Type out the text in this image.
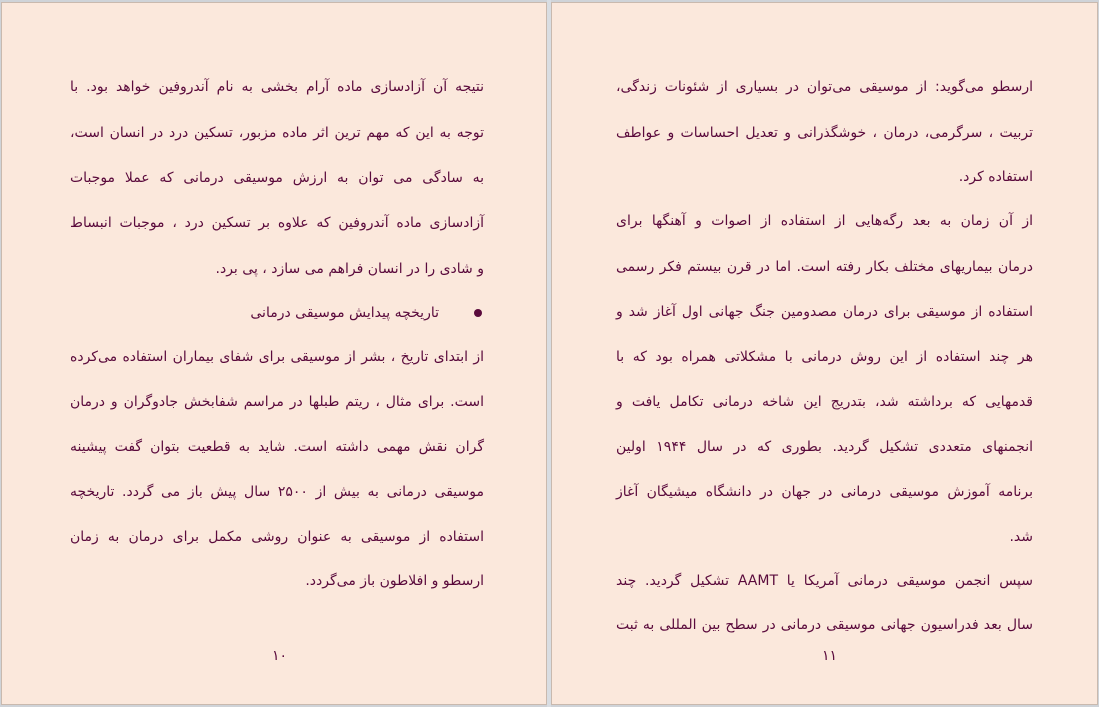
نتیجه آن آزادسازی ماده آرام بخشی به نام آندروفین خواهد بود. با
توجه به این که مهم ترین اثر ماده مزبور، تسکین درد در انسان است،
به سادگی می توان به ارزش موسیقی درمانی که عملا موجبات
آزادسازی ماده آندروفین که علاوه بر تسکین درد ، موجبات انبساط
و شادی را در انسان فراهم می سازد ، پی برد.
تاریخچه پیدایش موسیقی درمانی
از ابتدای تاریخ ، بشر از موسیقی برای شفای بیماران استفاده می‌کرده
است. برای مثال ، ریتم طبلها در مراسم شفابخش جادوگران و درمان
گران نقش مهمی داشته است. شاید به قطعیت بتوان گفت پیشینه
موسیقی درمانی به بیش از ۲۵۰۰ سال پیش باز می گردد. تاریخچه
استفاده از موسیقی به عنوان روشی مکمل برای درمان به زمان
ارسطو و افلاطون باز می‌گردد.
۱۰
ارسطو می‌گوید: از موسیقی می‌توان در بسیاری از شئونات زندگی،
تربیت ، سرگرمی، درمان ، خوشگذرانی و تعدیل احساسات و عواطف
استفاده کرد.
از آن زمان به بعد رگه‌هایی از استفاده از اصوات و آهنگها برای
درمان بیماریهای مختلف بکار رفته است. اما در قرن بیستم فکر رسمی
استفاده از موسیقی برای درمان مصدومین جنگ جهانی اول آغاز شد و
هر چند استفاده از این روش درمانی با مشکلاتی همراه بود که با
قدمهایی که برداشته شد، بتدریج این شاخه درمانی تکامل یافت و
انجمنهای متعددی تشکیل گردید. بطوری که در سال ۱۹۴۴ اولین
برنامه آموزش موسیقی درمانی در جهان در دانشگاه میشیگان آغاز
شد.
سپس انجمن موسیقی درمانی آمریکا یا AAMT تشکیل گردید. چند
سال بعد فدراسیون جهانی موسیقی درمانی در سطح بین المللی به ثبت
۱۱
